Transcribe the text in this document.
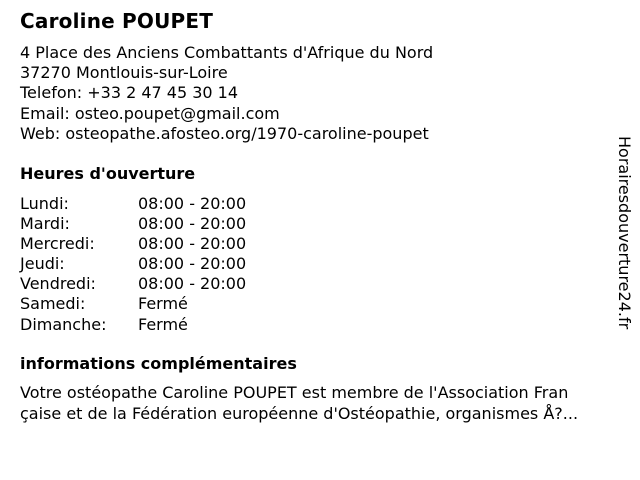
Caroline POUPET
4 Place des Anciens Combattants d'Afrique du Nord
37270 Montlouis-sur-Loire
Telefon: +33 2 47 45 30 14
Email: osteo.poupet@gmail.com
Web: osteopathe.afosteo.org/1970-caroline-poupet
Heures d'ouverture
Lundi:	08:00 - 20:00
Mardi:	08:00 - 20:00
Mercredi:	08:00 - 20:00
Jeudi:	08:00 - 20:00
Vendredi:	08:00 - 20:00
Samedi:	Fermé
Dimanche:	Fermé
informations complémentaires
Votre ostéopathe Caroline POUPET est membre de l'Association Fran
çaise et de la Fédération européenne d'Ostéopathie, organismes Å?...
Horairesdouverture24.fr
